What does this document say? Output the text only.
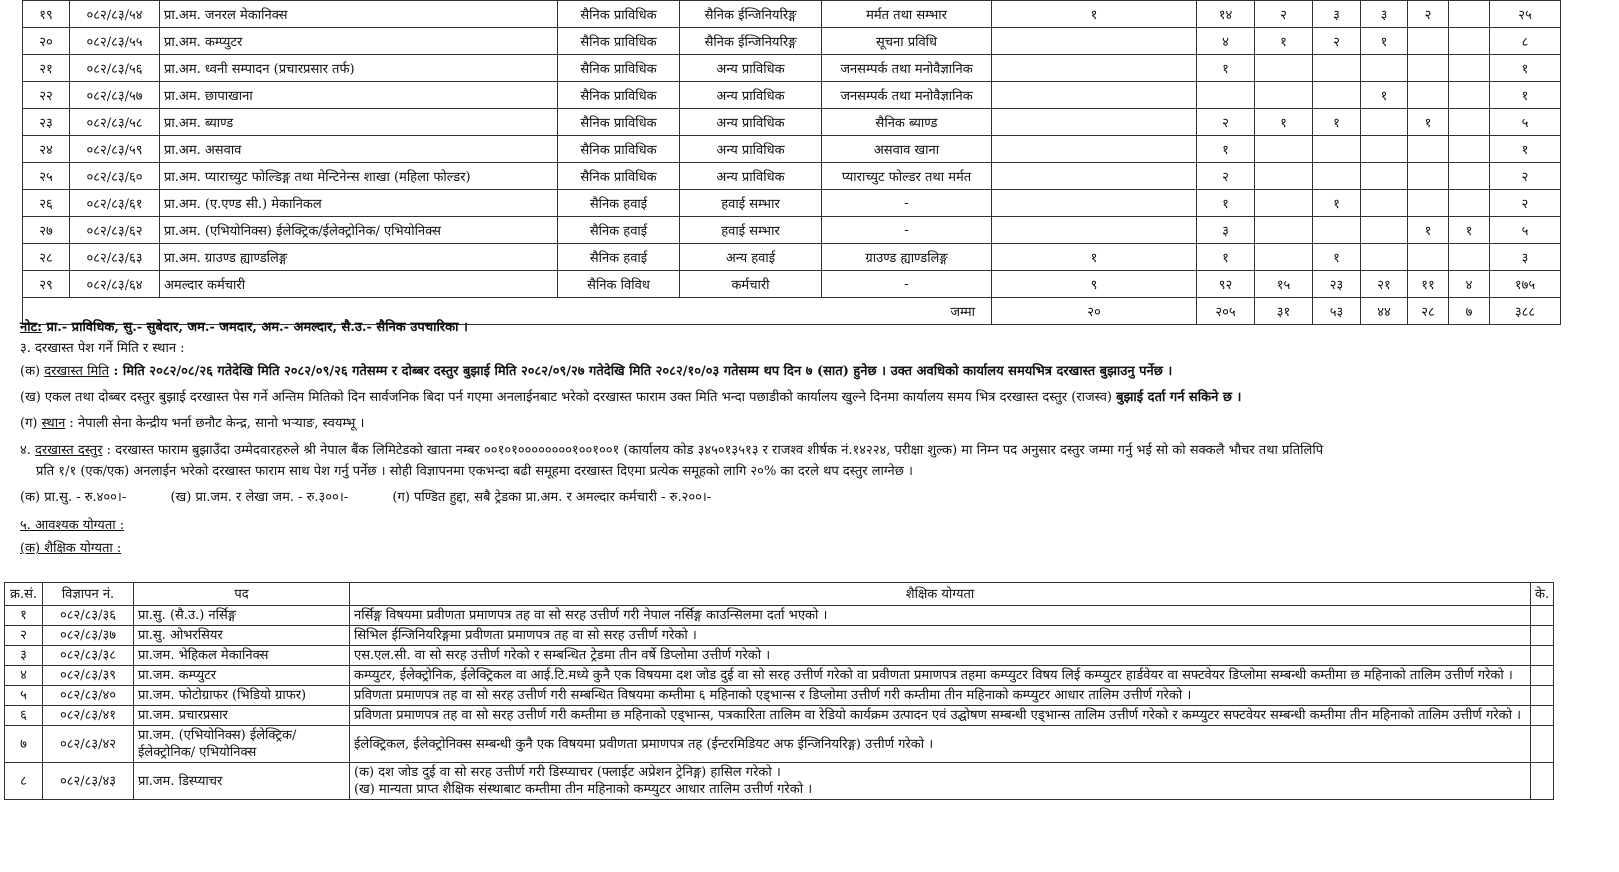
१९	०८२/८३/५४	प्रा.अम. जनरल मेकानिक्स	सैनिक प्राविधिक	सैनिक ईन्जिनियरिङ्ग	मर्मत तथा सम्भार	१	१४	२	३	३	२		२५
२०	०८२/८३/५५	प्रा.अम. कम्प्युटर	सैनिक प्राविधिक	सैनिक ईन्जिनियरिङ्ग	सूचना प्रविधि		४	१	२	१			८
२१	०८२/८३/५६	प्रा.अम. ध्वनी सम्पादन (प्रचारप्रसार तर्फ)	सैनिक प्राविधिक	अन्य प्राविधिक	जनसम्पर्क तथा मनोवैज्ञानिक		१						१
२२	०८२/८३/५७	प्रा.अम. छापाखाना	सैनिक प्राविधिक	अन्य प्राविधिक	जनसम्पर्क तथा मनोवैज्ञानिक					१			१
२३	०८२/८३/५८	प्रा.अम. ब्याण्ड	सैनिक प्राविधिक	अन्य प्राविधिक	सैनिक ब्याण्ड		२	१	१		१		५
२४	०८२/८३/५९	प्रा.अम. असवाव	सैनिक प्राविधिक	अन्य प्राविधिक	असवाव खाना		१						१
२५	०८२/८३/६०	प्रा.अम. प्याराच्युट फोल्डिङ्ग तथा मेन्टिनेन्स शाखा (महिला फोल्डर)	सैनिक प्राविधिक	अन्य प्राविधिक	प्याराच्युट फोल्डर तथा मर्मत		२						२
२६	०८२/८३/६१	प्रा.अम. (ए.एण्ड सी.) मेकानिकल	सैनिक हवाई	हवाई सम्भार	-		१		१				२
२७	०८२/८३/६२	प्रा.अम. (एभियोनिक्स) ईलेक्ट्रिक/ईलेक्ट्रोनिक/ एभियोनिक्स	सैनिक हवाई	हवाई सम्भार	-		३				१	१	५
२८	०८२/८३/६३	प्रा.अम. ग्राउण्ड ह्याण्डलिङ्ग	सैनिक हवाई	अन्य हवाई	ग्राउण्ड ह्याण्डलिङ्ग	१	१		१				३
२९	०८२/८३/६४	अमल्दार कर्मचारी	सैनिक विविध	कर्मचारी	-	९	९२	१५	२३	२१	११	४	१७५
जम्मा						२०	२०५	३१	५३	४४	२८	७	३८८
नोट: प्रा.- प्राविधिक, सु.- सुबेदार, जम.- जमदार, अम.- अमल्दार, सै.उ.- सैनिक उपचारिका ।
३. दरखास्त पेश गर्ने मिति र स्थान :
(क) दरखास्त मिति : मिति २०८२/०८/२६ गतेदेखि मिति २०८२/०९/२६ गतेसम्म र दोब्बर दस्तुर बुझाई मिति २०८२/०९/२७ गतेदेखि मिति २०८२/१०/०३ गतेसम्म थप दिन ७ (सात) हुनेछ । उक्त अवधिको कार्यालय समयभित्र दरखास्त बुझाउनु पर्नेछ ।
(ख) एकल तथा दोब्बर दस्तुर बुझाई दरखास्त पेस गर्ने अन्तिम मितिको दिन सार्वजनिक बिदा पर्न गएमा अनलाईनबाट भरेको दरखास्त फाराम उक्त मिति भन्दा पछाडीको कार्यालय खुल्ने दिनमा कार्यालय समय भित्र दरखास्त दस्तुर (राजस्व) बुझाई दर्ता गर्न सकिने छ ।
(ग) स्थान : नेपाली सेना केन्द्रीय भर्ना छनौट केन्द्र, सानो भऱ्याङ, स्वयम्भू ।
४. दरखास्त दस्तुर : दरखास्त फाराम बुझाउँदा उम्मेदवारहरुले श्री नेपाल बैंक लिमिटेडको खाता नम्बर ००१०१००००००००१००१००१ (कार्यालय कोड ३४५०१३५१३ र राजश्व शीर्षक नं.१४२२४, परीक्षा शुल्क) मा निम्न पद अनुसार दस्तुर जम्मा गर्नु भई सो को सक्कलै भौचर तथा प्रतिलिपि
प्रति १/१ (एक/एक) अनलाईन भरेको दरखास्त फाराम साथ पेश गर्नु पर्नेछ । सोही विज्ञापनमा एकभन्दा बढी समूहमा दरखास्त दिएमा प्रत्येक समूहको लागि २०% का दरले थप दस्तुर लाग्नेछ ।
(क) प्रा.सु. - रु.४००।-	(ख) प्रा.जम. र लेखा जम. - रु.३००।-	(ग) पण्डित हुद्दा, सबै ट्रेडका प्रा.अम. र अमल्दार कर्मचारी - रु.२००।-
५. आवश्यक योग्यता :
(क) शैक्षिक योग्यता :
क्र.सं.	विज्ञापन नं.	पद	शैक्षिक योग्यता	के.
१	०८२/८३/३६	प्रा.सु. (सै.उ.) नर्सिङ्ग	नर्सिङ्ग विषयमा प्रवीणता प्रमाणपत्र तह वा सो सरह उत्तीर्ण गरी नेपाल नर्सिङ्ग काउन्सिलमा दर्ता भएको ।	

२	०८२/८३/३७	प्रा.सु. ओभरसियर	सिभिल ईन्जिनियरिङ्गमा प्रवीणता प्रमाणपत्र तह वा सो सरह उत्तीर्ण गरेको ।	

३	०८२/८३/३८	प्रा.जम. भेहिकल मेकानिक्स	एस.एल.सी. वा सो सरह उत्तीर्ण गरेको र सम्बन्धित ट्रेडमा तीन वर्षे डिप्लोमा उत्तीर्ण गरेको ।	

४	०८२/८३/३९	प्रा.जम. कम्प्युटर	कम्प्युटर, ईलेक्ट्रोनिक, ईलेक्ट्रिकल वा आई.टि.मध्ये कुनै एक विषयमा दश जोड दुई वा सो सरह उत्तीर्ण गरेको वा प्रवीणता प्रमाणपत्र तहमा कम्प्युटर विषय लिई कम्प्युटर हार्डवेयर वा सफ्टवेयर डिप्लोमा सम्बन्धी कम्तीमा छ महिनाको तालिम उत्तीर्ण गरेको ।	

५	०८२/८३/४०	प्रा.जम. फोटोग्राफर (भिडियो ग्राफर)	प्रविणता प्रमाणपत्र तह वा सो सरह उत्तीर्ण गरी सम्बन्धित विषयमा कम्तीमा ६ महिनाको एड्भान्स र डिप्लोमा उत्तीर्ण गरी कम्तीमा तीन महिनाको कम्प्युटर आधार तालिम उत्तीर्ण गरेको ।	

६	०८२/८३/४१	प्रा.जम. प्रचारप्रसार	प्रविणता प्रमाणपत्र तह वा सो सरह उत्तीर्ण गरी कम्तीमा छ महिनाको एड्भान्स, पत्रकारिता तालिम वा रेडियो कार्यक्रम उत्पादन एवं उद्घोषण सम्बन्धी एड्भान्स तालिम उत्तीर्ण गरेको र कम्प्युटर सफ्टवेयर सम्बन्धी कम्तीमा तीन महिनाको तालिम उत्तीर्ण गरेको ।	

७	०८२/८३/४२	प्रा.जम. (एभियोनिक्स) ईलेक्ट्रिक/ईलेक्ट्रोनिक/ एभियोनिक्स	ईलेक्ट्रिकल, ईलेक्ट्रोनिक्स सम्बन्धी कुनै एक विषयमा प्रवीणता प्रमाणपत्र तह (ईन्टरमिडियट अफ ईन्जिनियरिङ्ग) उत्तीर्ण गरेको ।	

८	०८२/८३/४३	प्रा.जम. डिस्प्याचर	(क) दश जोड दुई वा सो सरह उत्तीर्ण गरी डिस्प्याचर (फ्लाईट अप्रेशन ट्रेनिङ्ग) हासिल गरेको ।
(ख) मान्यता प्राप्त शैक्षिक संस्थाबाट कम्तीमा तीन महिनाको कम्प्युटर आधार तालिम उत्तीर्ण गरेको ।	
